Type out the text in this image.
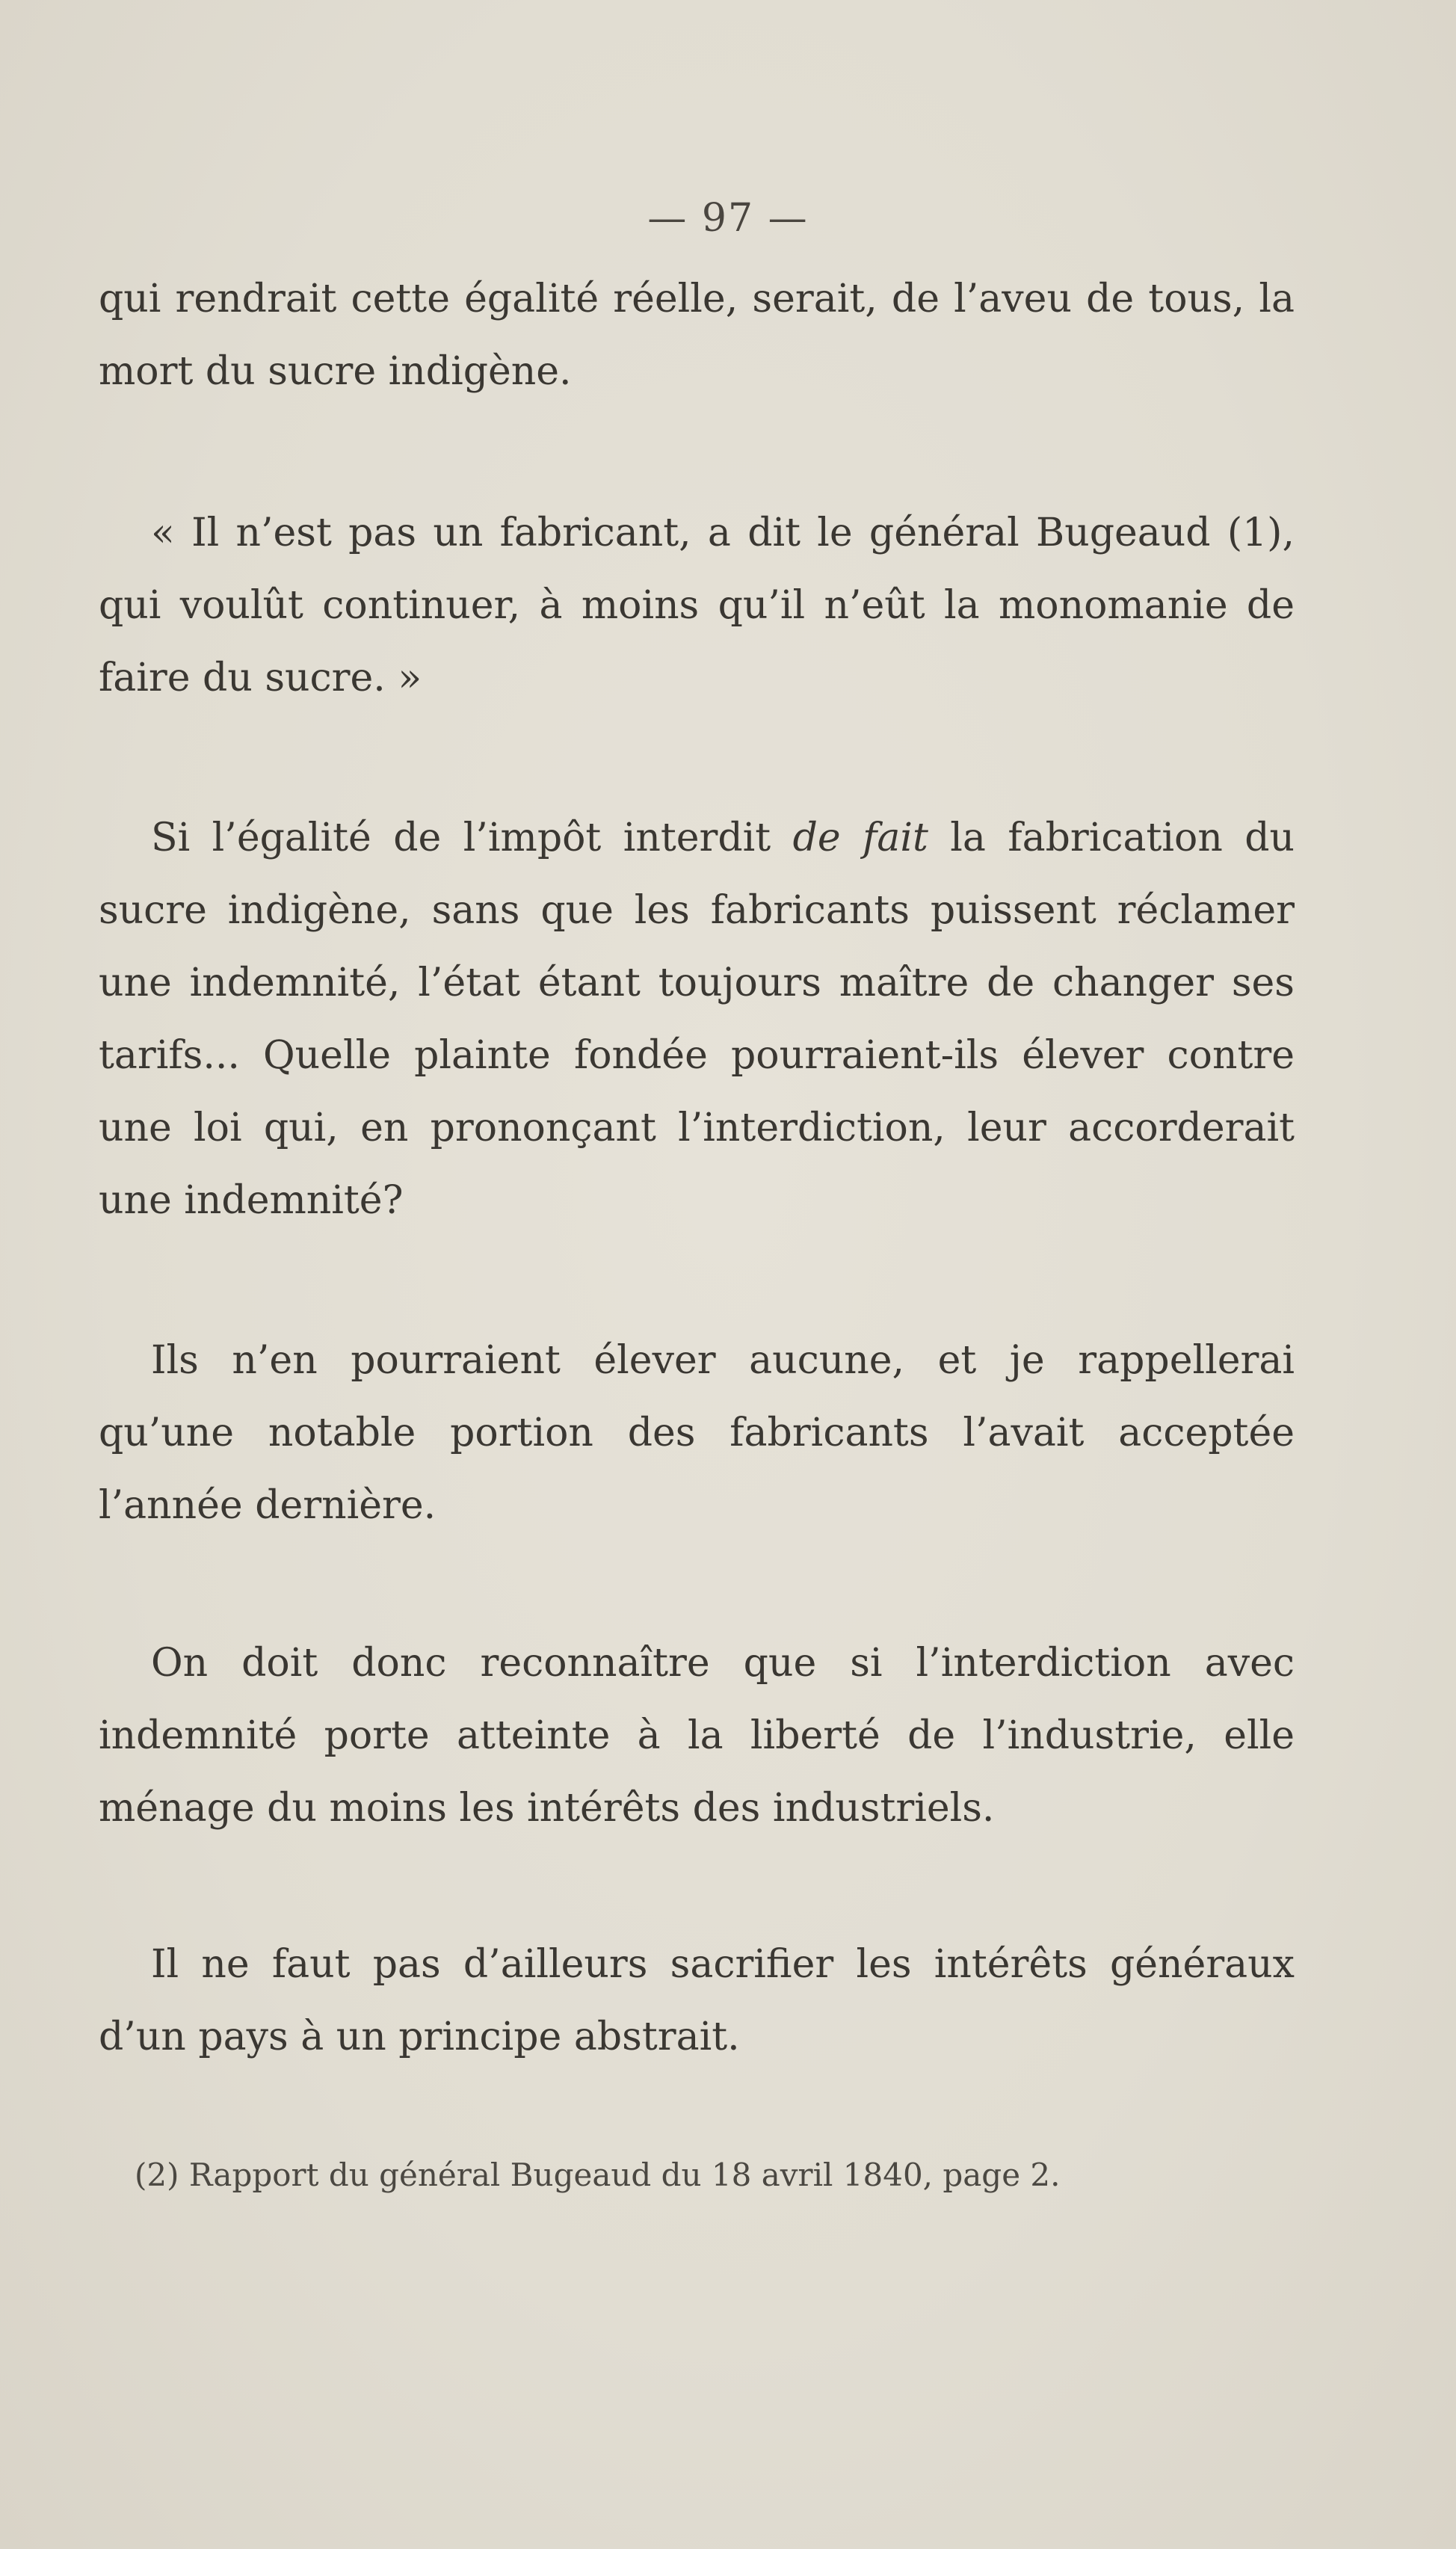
— 97 —

qui rendrait cette égalité réelle, serait, de l’aveu de tous, la mort du sucre indigène.

« Il n’est pas un fabricant, a dit le général Bugeaud (1), qui voulût continuer, à moins qu’il n’eût la monomanie de faire du sucre. »

Si l’égalité de l’impôt interdit de fait la fabrication du sucre indigène, sans que les fabricants puissent réclamer une indemnité, l’état étant toujours maître de changer ses tarifs... Quelle plainte fondée pourraient-ils élever contre une loi qui, en prononçant l’interdiction, leur accorderait une indemnité?

Ils n’en pourraient élever aucune, et je rappellerai qu’une notable portion des fabricants l’avait acceptée l’année dernière.

On doit donc reconnaître que si l’interdiction avec indemnité porte atteinte à la liberté de l’industrie, elle ménage du moins les intérêts des industriels.

Il ne faut pas d’ailleurs sacrifier les intérêts généraux d’un pays à un principe abstrait.

(2) Rapport du général Bugeaud du 18 avril 1840, page 2.
